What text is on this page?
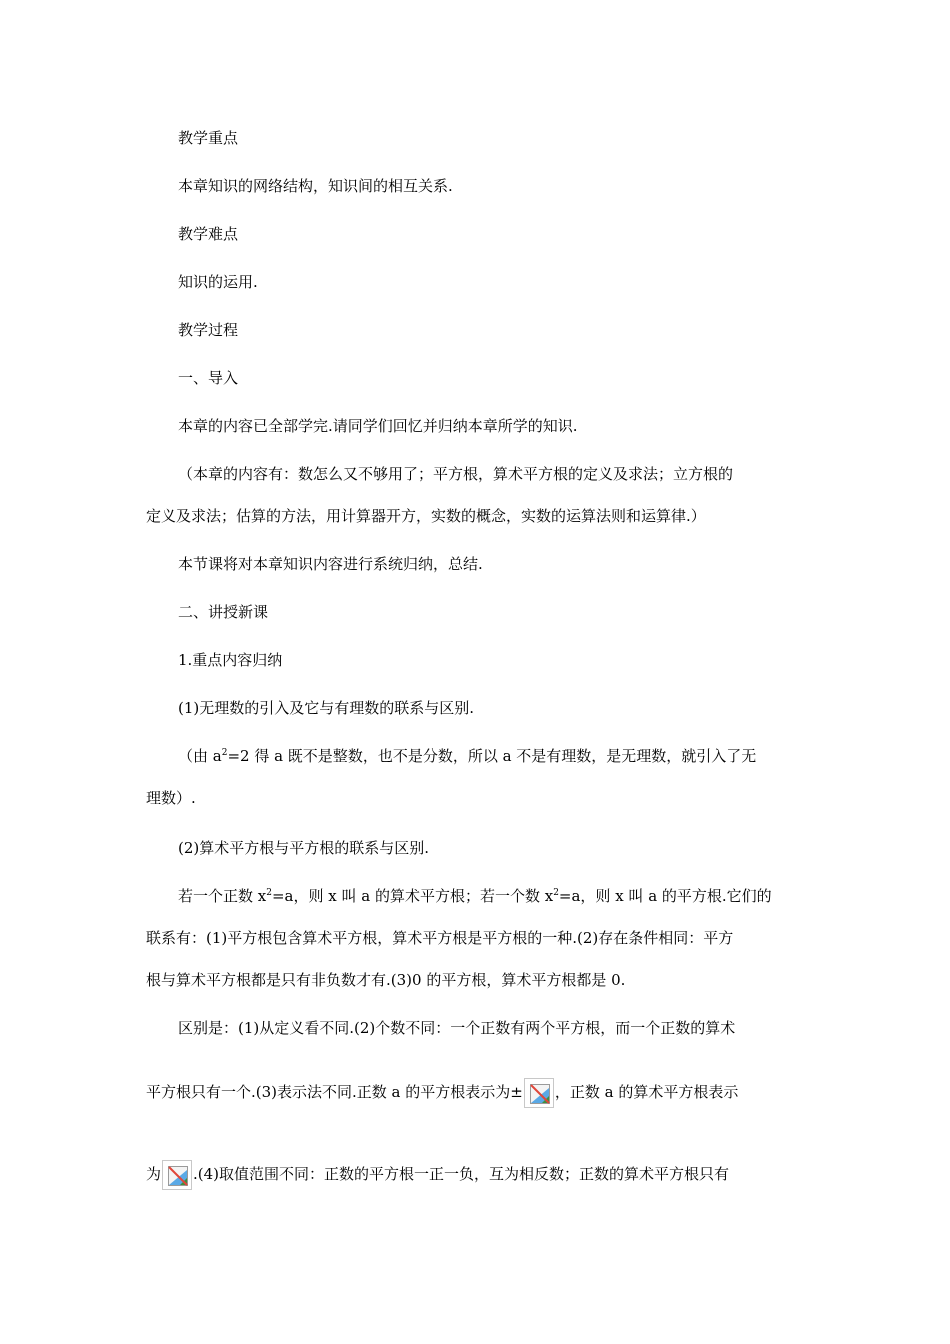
教学重点
本章知识的网络结构，知识间的相互关系.
教学难点
知识的运用.
教学过程
一、导入
本章的内容已全部学完.请同学们回忆并归纳本章所学的知识.
（本章的内容有：数怎么又不够用了；平方根，算术平方根的定义及求法；立方根的
定义及求法；估算的方法，用计算器开方，实数的概念，实数的运算法则和运算律.）
本节课将对本章知识内容进行系统归纳，总结.
二、讲授新课
1.重点内容归纳
(1)无理数的引入及它与有理数的联系与区别.
（由 $a^2=2$ 得 a 既不是整数，也不是分数，所以 a 不是有理数，是无理数，就引入了无
理数）.
(2)算术平方根与平方根的联系与区别.
若一个正数 $x^2=a$，则 x 叫 a 的算术平方根；若一个数 $x^2=a$，则 x 叫 a 的平方根.它们的
联系有：(1)平方根包含算术平方根，算术平方根是平方根的一种.(2)存在条件相同：平方
根与算术平方根都是只有非负数才有.(3)0 的平方根，算术平方根都是 0.
区别是：(1)从定义看不同.(2)个数不同：一个正数有两个平方根，而一个正数的算术
平方根只有一个.(3)表示法不同.正数 a 的平方根表示为± ，正数 a 的算术平方根表示
为 .(4)取值范围不同：正数的平方根一正一负，互为相反数；正数的算术平方根只有
